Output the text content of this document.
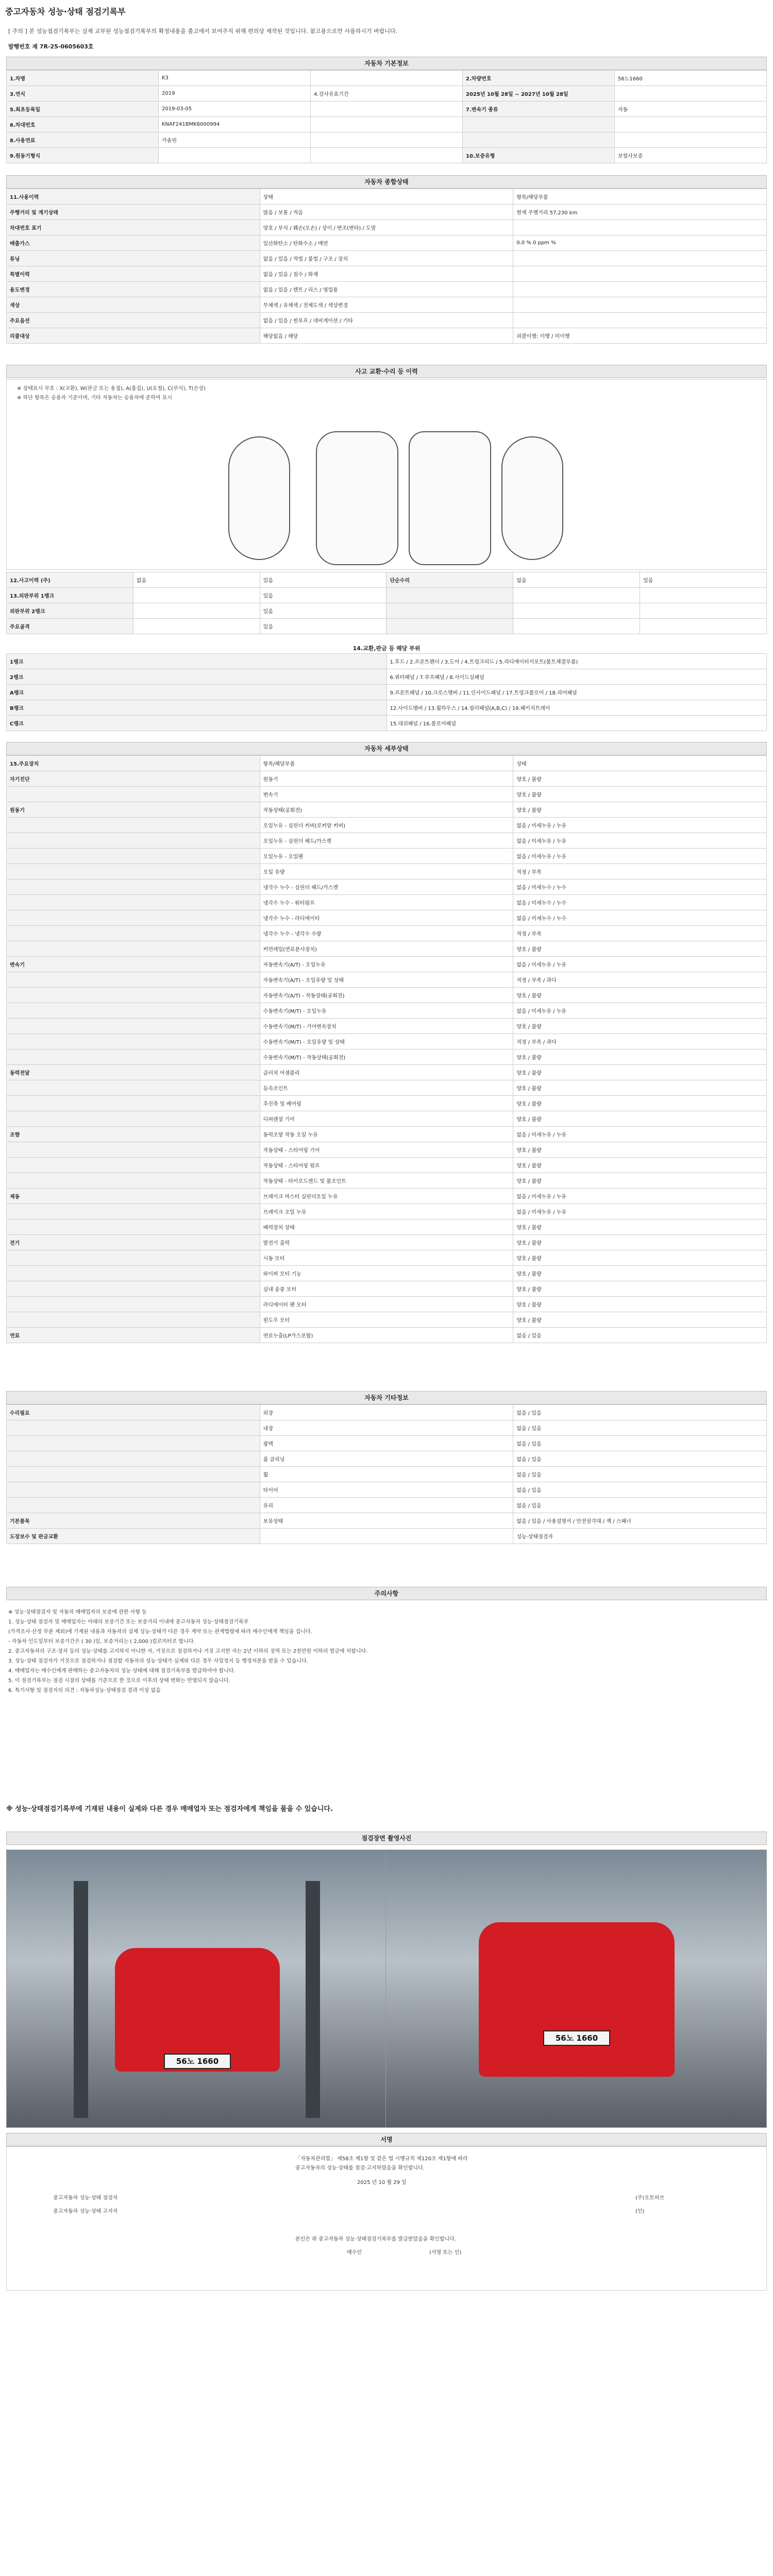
중고자동차 성능·상태 점검기록부
[ 주의 ] 본 성능점검기록부는 실제 교부된 성능점검기록부의 확정내용을 출고에서 보여주지 위해 편의상 제작된 것입니다. 참고용으로만 사용하시기 바랍니다.
발행번호 제 7R-25-0605603호
자동차 기본정보
1.차명	K3		2.차량번호	56노1660
3.연식	2019	4.검사유효기간	2025년 10월 28일 ~ 2027년 10월 28일	
5.최초등록일	2019-03-05		7.변속기 종류	자동
6.차대번호	KNAF241BMK6000994			
8.사용연료	가솔린			
9.원동기형식			10.보증유형	보험사보증
자동차 종합상태
11.사용이력	상태	항목/해당부품
주행거리 및 계기상태	많음 / 보통 / 적음	현재 주행거리 57,230 km
차대번호 표기	양호 / 부식 / 훼손(오손) / 상이 / 변조(변타) / 도말	
배출가스	일산화탄소 / 탄화수소 / 매연	0.0 % 0 ppm %
튜닝	없음 / 있음 / 적법 / 불법 / 구조 / 장치	
특별이력	없음 / 있음 / 침수 / 화재	
용도변경	없음 / 있음 / 렌트 / 리스 / 영업용	
색상	무채색 / 유채색 / 전체도색 / 색상변경	
주요옵션	없음 / 있음 / 썬루프 / 네비게이션 / 기타	
리콜대상	해당없음 / 해당	리콜이행: 이행 / 미이행
사고 교환·수리 등 이력
※ 상태표시 부호 : X(교환), W(판금 또는 용접), A(흠집), U(요철), C(부식), T(손상)
※ 하단 항목은 승용차 기준이며, 기타 자동차는 승용차에 준하여 표시
12.사고이력 (주)	없음	있음	단순수리	없음	있음
13.외판부위 1랭크		있음			
외판부위 2랭크		있음			
주요골격		있음			
14.교환,판금 등 해당 부위
1랭크	1.후드 / 2.프론트펜더 / 3.도어 / 4.트렁크리드 / 5.라디에이터서포트(볼트체결부품)
2랭크	6.쿼터패널 / 7.루프패널 / 8.사이드실패널
A랭크	9.프론트패널 / 10.크로스멤버 / 11.인사이드패널 / 17.트렁크플로어 / 18.리어패널
B랭크	12.사이드멤버 / 13.휠하우스 / 14.필러패널(A,B,C) / 19.패키지트레이
C랭크	15.대쉬패널 / 16.플로어패널
자동차 세부상태
15.주요장치	항목/해당부품	상태
자기진단	원동기	양호 / 불량
	변속기	양호 / 불량
원동기	작동상태(공회전)	양호 / 불량
	오일누유 - 실린더 커버(로커암 커버)	없음 / 미세누유 / 누유
	오일누유 - 실린더 헤드/가스켓	없음 / 미세누유 / 누유
	오일누유 - 오일팬	없음 / 미세누유 / 누유
	오일 유량	적정 / 부족
	냉각수 누수 - 실린더 헤드/가스켓	없음 / 미세누수 / 누수
	냉각수 누수 - 워터펌프	없음 / 미세누수 / 누수
	냉각수 누수 - 라디에이터	없음 / 미세누수 / 누수
	냉각수 누수 - 냉각수 수량	적정 / 부족
	커먼레일(연료분사장치)	양호 / 불량
변속기	자동변속기(A/T) - 오일누유	없음 / 미세누유 / 누유
	자동변속기(A/T) - 오일유량 및 상태	적정 / 부족 / 과다
	자동변속기(A/T) - 작동상태(공회전)	양호 / 불량
	수동변속기(M/T) - 오일누유	없음 / 미세누유 / 누유
	수동변속기(M/T) - 기어변속장치	양호 / 불량
	수동변속기(M/T) - 오일유량 및 상태	적정 / 부족 / 과다
	수동변속기(M/T) - 작동상태(공회전)	양호 / 불량
동력전달	클러치 어셈블리	양호 / 불량
	등속조인트	양호 / 불량
	추진축 및 베어링	양호 / 불량
	디퍼렌셜 기어	양호 / 불량
조향	동력조향 작동 오일 누유	없음 / 미세누유 / 누유
	작동상태 - 스티어링 기어	양호 / 불량
	작동상태 - 스티어링 펌프	양호 / 불량
	작동상태 - 타이로드엔드 및 볼조인트	양호 / 불량
제동	브레이크 마스터 실린더오일 누유	없음 / 미세누유 / 누유
	브레이크 오일 누유	없음 / 미세누유 / 누유
	배력장치 상태	양호 / 불량
전기	발전기 출력	양호 / 불량
	시동 모터	양호 / 불량
	와이퍼 모터 기능	양호 / 불량
	실내 송풍 모터	양호 / 불량
	라디에이터 팬 모터	양호 / 불량
	윈도우 모터	양호 / 불량
연료	연료누출(LP가스포함)	없음 / 있음
자동차 기타정보
수리필요	외장	없음 / 있음
	내장	없음 / 있음
	광택	없음 / 있음
	룸 클리닝	없음 / 있음
	휠	없음 / 있음
	타이어	없음 / 있음
	유리	없음 / 있음
기본품목	보유상태	없음 / 있음 / 사용설명서 / 안전삼각대 / 잭 / 스패너
도장보수 및 판금교환		성능·상태점검자
주의사항
※ 성능·상태점검자 및 자동차 매매업자의 보증에 관한 사항 등
1. 성능·상태 점검자 및 매매업자는 아래의 보증기간 또는 보증거리 이내에 중고자동차 성능·상태점검기록부
(가격조사·산정 부분 제외)에 기재된 내용과 자동차의 실제 성능·상태가 다른 경우 계약 또는 관계법령에 따라 매수인에게 책임을 집니다.
- 자동차 인도일부터 보증기간은 ( 30 )일, 보증거리는 ( 2,000 )킬로미터로 합니다.
2. 중고자동차의 구조·장치 등의 성능·상태를 고지하지 아니한 자, 거짓으로 점검하거나 거짓 고지한 자는 2년 이하의 징역 또는 2천만원 이하의 벌금에 처합니다.
3. 성능·상태 점검자가 거짓으로 점검하거나 점검할 자동차의 성능·상태가 실제와 다른 경우 사업정지 등 행정처분을 받을 수 있습니다.
4. 매매업자는 매수인에게 판매하는 중고자동차의 성능·상태에 대해 점검기록부를 발급하여야 합니다.
5. 이 점검기록부는 점검 시점의 상태를 기준으로 한 것으로 이후의 상태 변화는 반영되지 않습니다.
6. 특기사항 및 점검자의 의견 : 자동차성능·상태점검 결과 이상 없음
※ 성능·상태점검기록부에 기재된 내용이 실제와 다른 경우 매매업자 또는 점검자에게 책임을 물을 수 있습니다.
점검장면 촬영사진
56노 1660
56노 1660
서명
「자동차관리법」 제58조 제1항 및 같은 법 시행규칙 제120조 제1항에 따라
중고자동차의 성능·상태를 점검·고지하였음을 확인합니다.
2025 년 10 월 29 일
중고자동차 성능·상태 점검자	(주)오토허브
중고자동차 성능·상태 고지자	(인)
본인은 위 중고자동차 성능·상태점검기록부를 발급받았음을 확인합니다.
매수인	(서명 또는 인)
